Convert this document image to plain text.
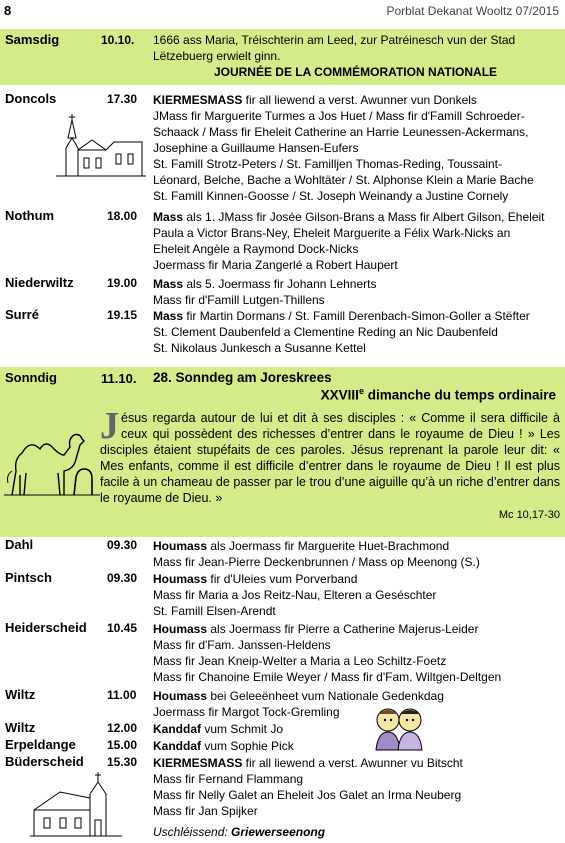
8	Porblat Dekanat Wooltz 07/2015
Samsdig	10.10. 1666 ass Maria, Tréischterin am Leed, zur Patréinesch vun der Stad
Lëtzebuerg erwielt ginn.
JOURNÉE DE LA COMMÉMORATION NATIONALE
Doncols	17.30 KIERMESMASS fir all liewend a verst. Awunner vun Donkels
JMass fir Marguerite Turmes a Jos Huet / Mass fir d'Famill Schroeder-
Schaack / Mass fir Eheleit Catherine an Harrie Leunessen-Ackermans,
Josephine a Guillaume Hansen-Eufers
St. Famill Strotz-Peters / St. Familljen Thomas-Reding, Toussaint-
Léonard, Belche, Bache a Wohltäter / St. Alphonse Klein a Marie Bache
St. Famill Kinnen-Goosse / St. Joseph Weinandy a Justine Cornely
Nothum	18.00 Mass als 1. JMass fir Josée Gilson-Brans a Mass fir Albert Gilson, Eheleit
Paula a Victor Brans-Ney, Eheleit Marguerite a Félix Wark-Nicks an
Eheleit Angèle a Raymond Dock-Nicks
Joermass fir Maria Zangerlé a Robert Haupert
Niederwiltz	19.00 Mass als 5. Joermass fir Johann Lehnerts
Mass fir d'Famill Lutgen-Thillens
Surré	19.15 Mass fir Martin Dormans / St. Famill Derenbach-Simon-Goller a Stëfter
St. Clement Daubenfeld a Clementine Reding an Nic Daubenfeld
St. Nikolaus Junkesch a Susanne Kettel
Sonndig	11.10. 28. Sonndeg am Joreskrees
XXVIIIe dimanche du temps ordinaire
Jésus regarda autour de lui et dit à ses disciples : « Comme il sera difficile à ceux qui possèdent des richesses d’entrer dans le royaume de Dieu ! » Les disciples étaient stupéfaits de ces paroles. Jésus reprenant la parole leur dit: « Mes enfants, comme il est difficile d’entrer dans le royaume de Dieu ! Il est plus facile à un chameau de passer par le trou d’une aiguille qu’à un riche d’entrer dans le royaume de Dieu. »
Mc 10,17-30
Dahl	09.30 Houmass als Joermass fir Marguerite Huet-Brachmond
Mass fir Jean-Pierre Deckenbrunnen / Mass op Meenong (S.)
Pintsch	09.30 Houmass fir d'Uleies vum Porverband
Mass fir Maria a Jos Reitz-Nau, Elteren a Geséschter
St. Famill Elsen-Arendt
Heiderscheid 10.45 Houmass als Joermass fir Pierre a Catherine Majerus-Leider
Mass fir d'Fam. Janssen-Heldens
Mass fir Jean Kneip-Welter a Maria a Leo Schiltz-Foetz
Mass fir Chanoine Emile Weyer / Mass fir d'Fam. Wiltgen-Deltgen
Wiltz	11.00 Houmass bei Geleeënheet vum Nationale Gedenkdag
Joermass fir Margot Tock-Gremling
Wiltz	12.00 Kanddaf vum Schmit Jo
Erpeldange	15.00 Kanddaf vum Sophie Pick
Büderscheid 15.30 KIERMESMASS fir all liewend a verst. Awunner vu Bitscht
Mass fir Fernand Flammang
Mass fir Nelly Galet an Eheleit Jos Galet an Irma Neuberg
Mass fir Jan Spijker
Uschléissend: Griewerseenong
